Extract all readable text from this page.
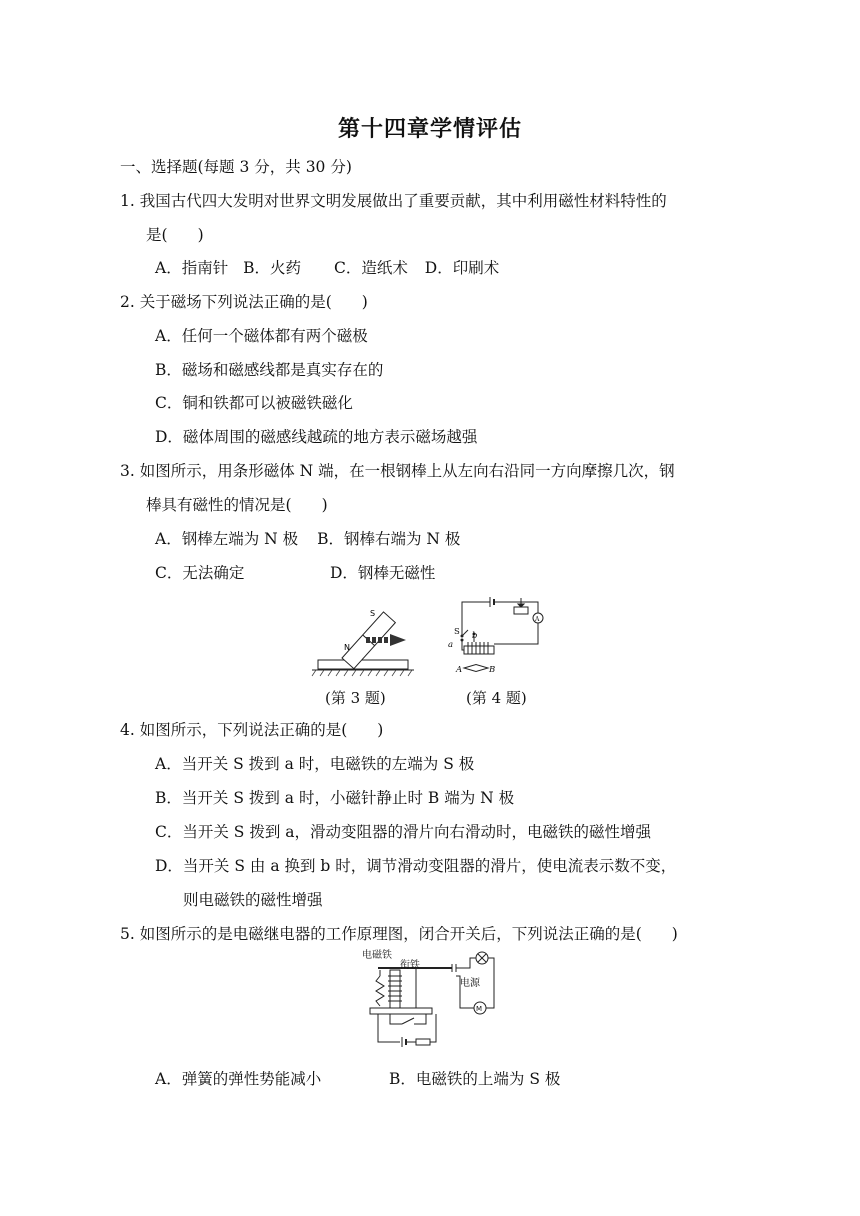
第十四章学情评估
一、选择题(每题 3 分，共 30 分)
1. 我国古代四大发明对世界文明发展做出了重要贡献，其中利用磁性材料特性的
是( )
A．指南针 B．火药 C．造纸术 D．印刷术
2. 关于磁场下列说法正确的是( )
A．任何一个磁体都有两个磁极
B．磁场和磁感线都是真实存在的
C．铜和铁都可以被磁铁磁化
D．磁体周围的磁感线越疏的地方表示磁场越强
3. 如图所示，用条形磁体 N 端，在一根钢棒上从左向右沿同一方向摩擦几次，钢
棒具有磁性的情况是( )
A．钢棒左端为 N 极 B．钢棒右端为 N 极
C．无法确定	D．钢棒无磁性
S
N
S
a
b
A	B
A
(第 3 题)	(第 4 题)
4. 如图所示，下列说法正确的是( )
A．当开关 S 拨到 a 时，电磁铁的左端为 S 极
B．当开关 S 拨到 a 时，小磁针静止时 B 端为 N 极
C．当开关 S 拨到 a，滑动变阻器的滑片向右滑动时，电磁铁的磁性增强
D．当开关 S 由 a 换到 b 时，调节滑动变阻器的滑片，使电流表示数不变，
则电磁铁的磁性增强
5. 如图所示的是电磁继电器的工作原理图，闭合开关后，下列说法正确的是( )
电磁铁
衔铁
电源
M
A．弹簧的弹性势能减小	B．电磁铁的上端为 S 极
